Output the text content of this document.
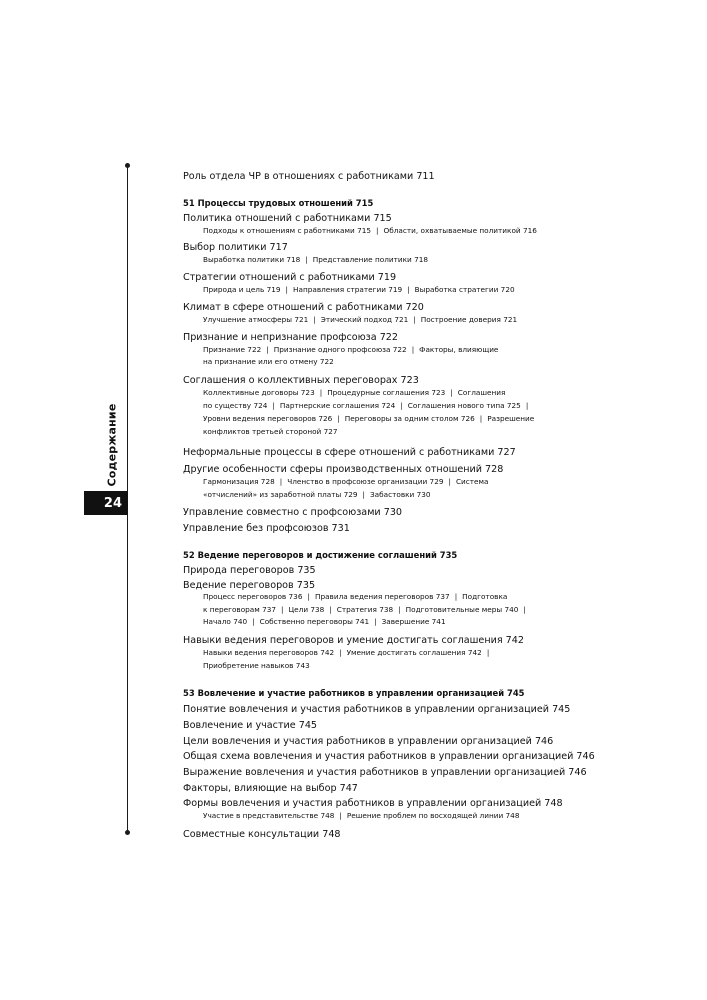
Содержание
24
Роль отдела ЧР в отношениях с работниками 711
51 Процессы трудовых отношений 715
Политика отношений с работниками 715
Подходы к отношениям с работниками 715 | Области, охватываемые политикой 716
Выбор политики 717
Выработка политики 718 | Представление политики 718
Стратегии отношений с работниками 719
Природа и цель 719 | Направления стратегии 719 | Выработка стратегии 720
Климат в сфере отношений с работниками 720
Улучшение атмосферы 721 | Этический подход 721 | Построение доверия 721
Признание и непризнание профсоюза 722
Признание 722 | Признание одного профсоюза 722 | Факторы, влияющие
на признание или его отмену 722
Соглашения о коллективных переговорах 723
Коллективные договоры 723 | Процедурные соглашения 723 | Соглашения
по существу 724 | Партнерские соглашения 724 | Соглашения нового типа 725 |
Уровни ведения переговоров 726 | Переговоры за одним столом 726 | Разрешение
конфликтов третьей стороной 727
Неформальные процессы в сфере отношений с работниками 727
Другие особенности сферы производственных отношений 728
Гармонизация 728 | Членство в профсоюзе организации 729 | Система
«отчислений» из заработной платы 729 | Забастовки 730
Управление совместно с профсоюзами 730
Управление без профсоюзов 731
52 Ведение переговоров и достижение соглашений 735
Природа переговоров 735
Ведение переговоров 735
Процесс переговоров 736 | Правила ведения переговоров 737 | Подготовка
к переговорам 737 | Цели 738 | Стратегия 738 | Подготовительные меры 740 |
Начало 740 | Собственно переговоры 741 | Завершение 741
Навыки ведения переговоров и умение достигать соглашения 742
Навыки ведения переговоров 742 | Умение достигать соглашения 742 |
Приобретение навыков 743
53 Вовлечение и участие работников в управлении организацией 745
Понятие вовлечения и участия работников в управлении организацией 745
Вовлечение и участие 745
Цели вовлечения и участия работников в управлении организацией 746
Общая схема вовлечения и участия работников в управлении организацией 746
Выражение вовлечения и участия работников в управлении организацией 746
Факторы, влияющие на выбор 747
Формы вовлечения и участия работников в управлении организацией 748
Участие в представительстве 748 | Решение проблем по восходящей линии 748
Совместные консультации 748
